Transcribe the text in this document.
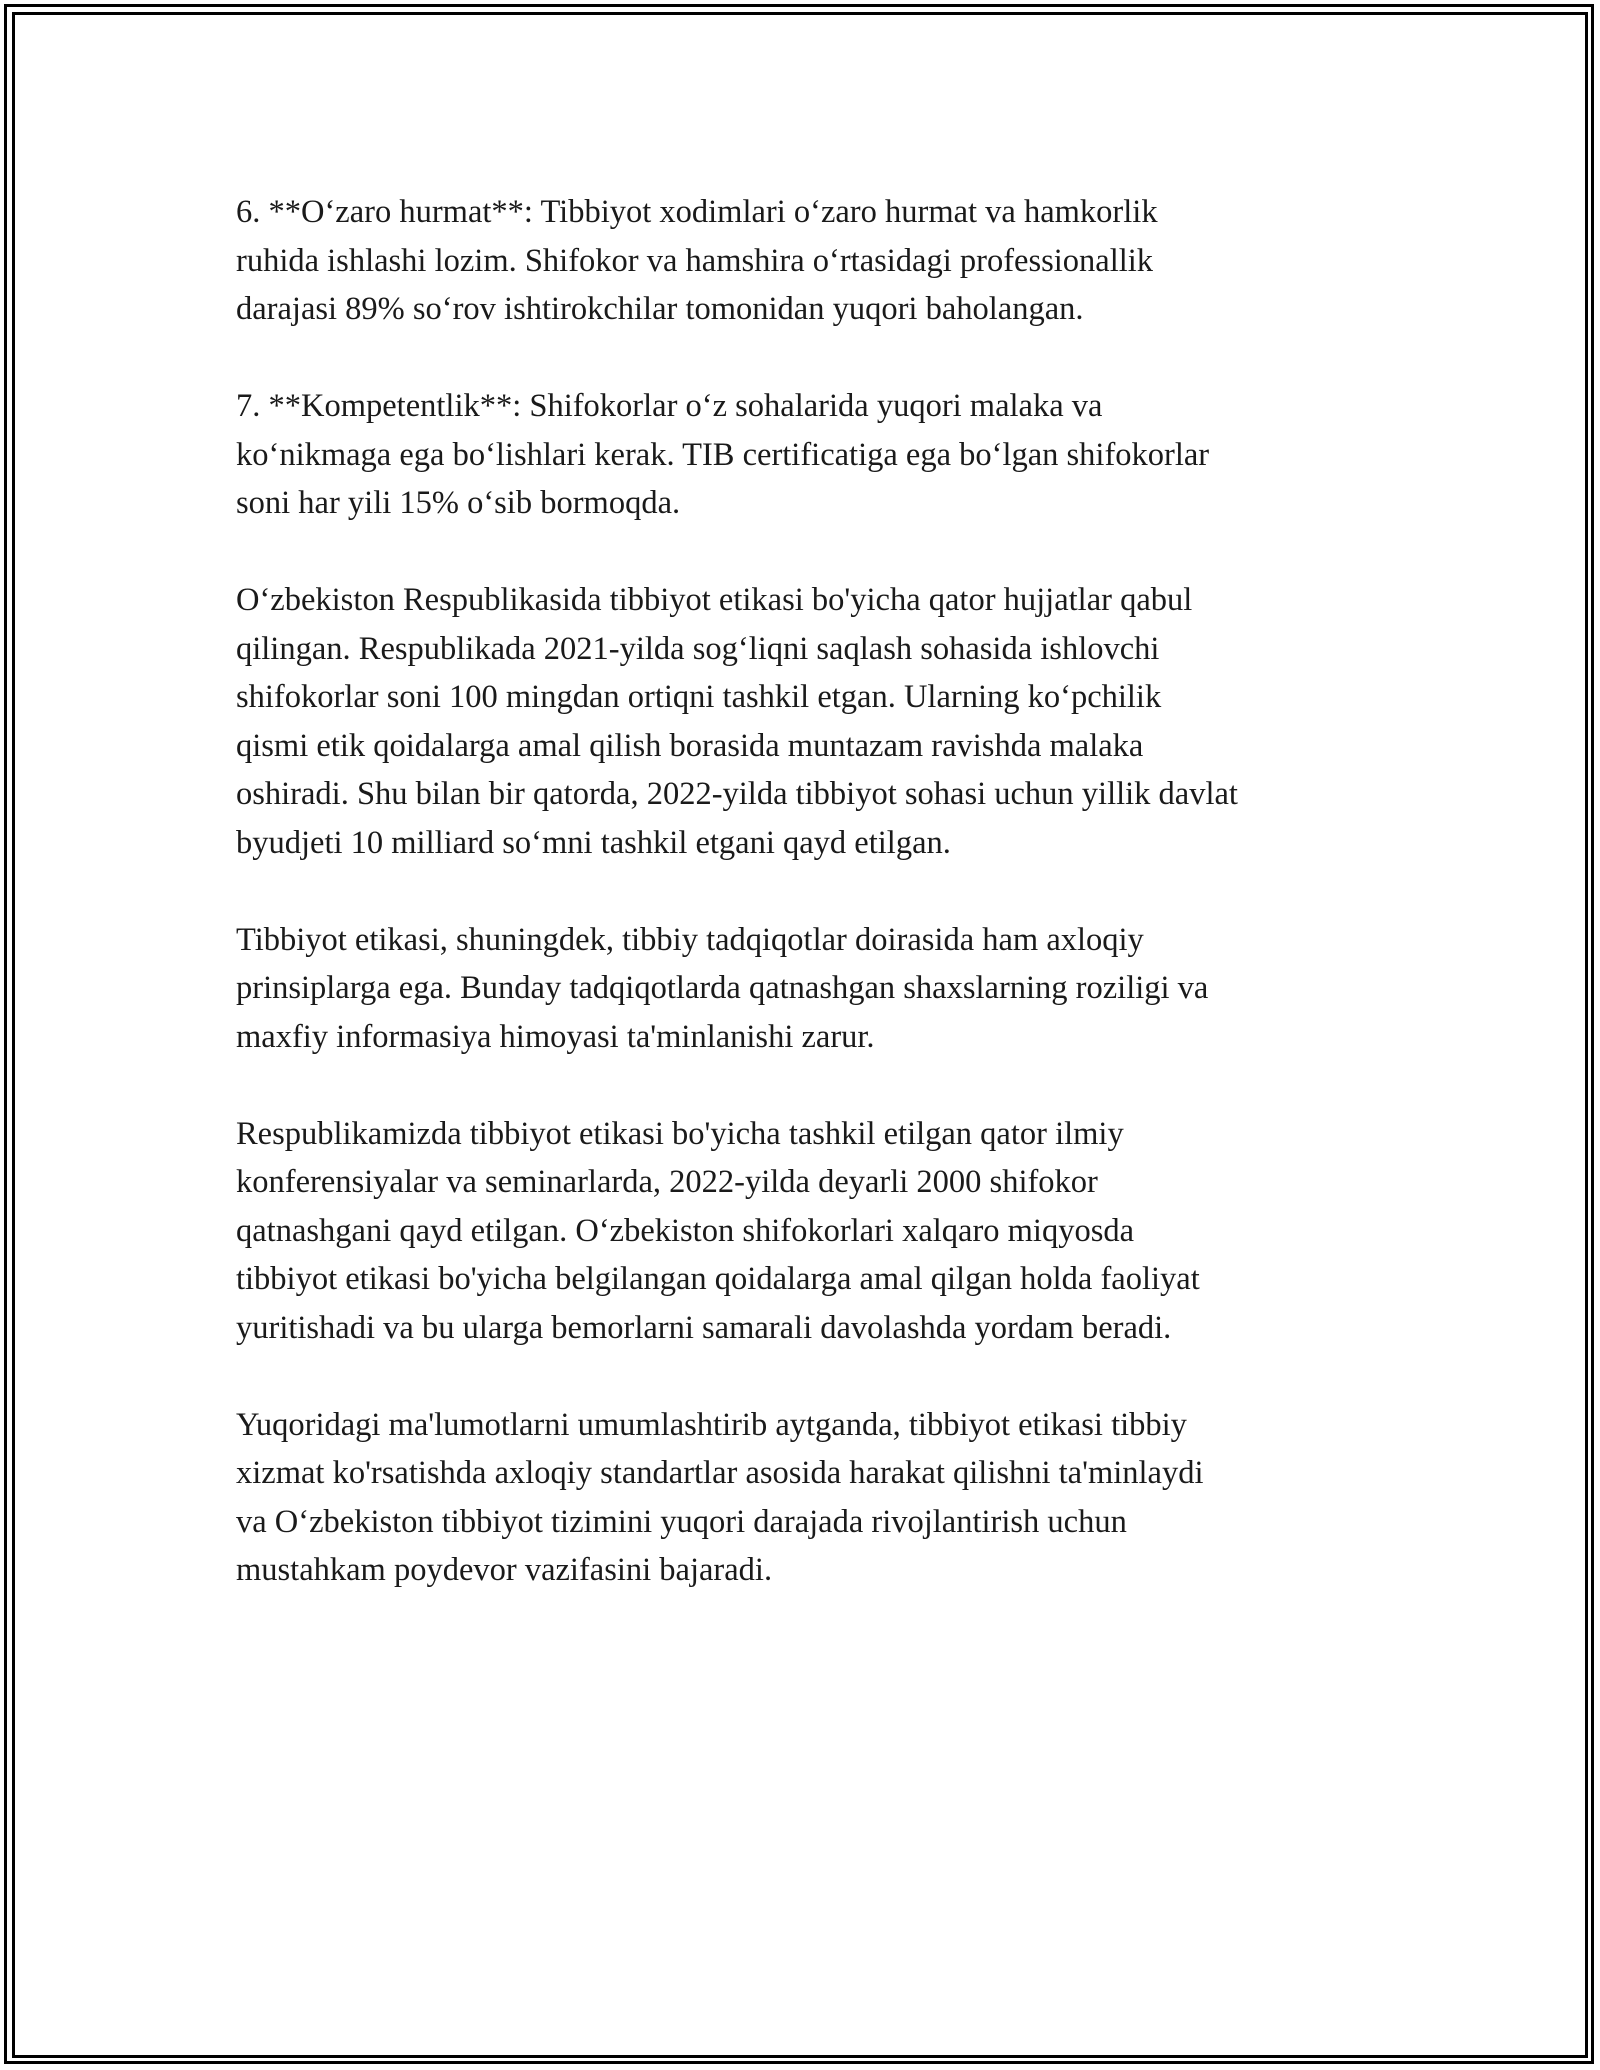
6. **O‘zaro hurmat**: Tibbiyot xodimlari o‘zaro hurmat va hamkorlik
ruhida ishlashi lozim. Shifokor va hamshira o‘rtasidagi professionallik
darajasi 89% so‘rov ishtirokchilar tomonidan yuqori baholangan.

7. **Kompetentlik**: Shifokorlar o‘z sohalarida yuqori malaka va
ko‘nikmaga ega bo‘lishlari kerak. TIB certificatiga ega bo‘lgan shifokorlar
soni har yili 15% o‘sib bormoqda.

O‘zbekiston Respublikasida tibbiyot etikasi bo'yicha qator hujjatlar qabul
qilingan. Respublikada 2021-yilda sog‘liqni saqlash sohasida ishlovchi
shifokorlar soni 100 mingdan ortiqni tashkil etgan. Ularning ko‘pchilik
qismi etik qoidalarga amal qilish borasida muntazam ravishda malaka
oshiradi. Shu bilan bir qatorda, 2022-yilda tibbiyot sohasi uchun yillik davlat
byudjeti 10 milliard so‘mni tashkil etgani qayd etilgan.

Tibbiyot etikasi, shuningdek, tibbiy tadqiqotlar doirasida ham axloqiy
prinsiplarga ega. Bunday tadqiqotlarda qatnashgan shaxslarning roziligi va
maxfiy informasiya himoyasi ta'minlanishi zarur.

Respublikamizda tibbiyot etikasi bo'yicha tashkil etilgan qator ilmiy
konferensiyalar va seminarlarda, 2022-yilda deyarli 2000 shifokor
qatnashgani qayd etilgan. O‘zbekiston shifokorlari xalqaro miqyosda
tibbiyot etikasi bo'yicha belgilangan qoidalarga amal qilgan holda faoliyat
yuritishadi va bu ularga bemorlarni samarali davolashda yordam beradi.

Yuqoridagi ma'lumotlarni umumlashtirib aytganda, tibbiyot etikasi tibbiy
xizmat ko'rsatishda axloqiy standartlar asosida harakat qilishni ta'minlaydi
va O‘zbekiston tibbiyot tizimini yuqori darajada rivojlantirish uchun
mustahkam poydevor vazifasini bajaradi.
